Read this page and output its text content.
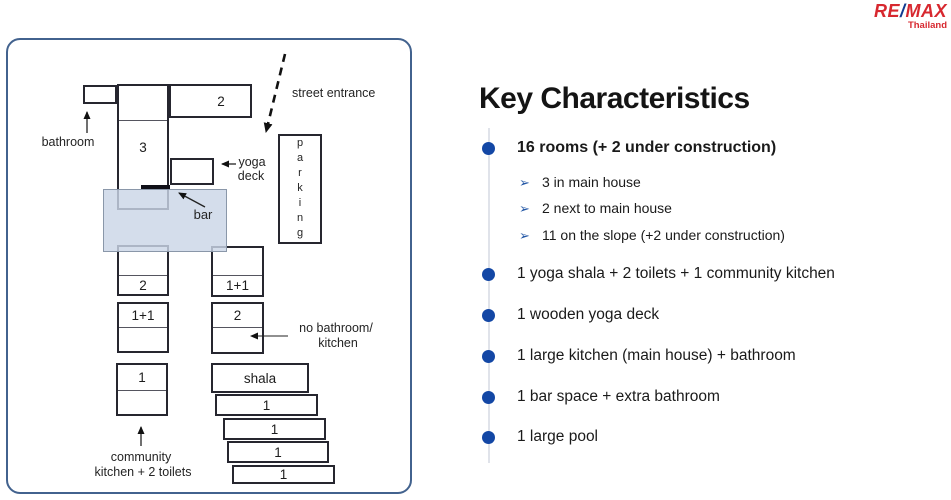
RE/MAX
Thailand
3
2
2
1+1
1
1+1
2
shala
1
1
1
1
parking
street entrance
bathroom
yoga
deck
bar
no bathroom/
kitchen
community
kitchen + 2 toilets
Key Characteristics
16 rooms (+ 2 under construction)
➢ 3 in main house
➢ 2 next to main house
➢ 11 on the slope (+2 under construction)
1 yoga shala + 2 toilets + 1 community kitchen
1 wooden yoga deck
1 large kitchen (main house) + bathroom
1 bar space + extra bathroom
1 large pool
